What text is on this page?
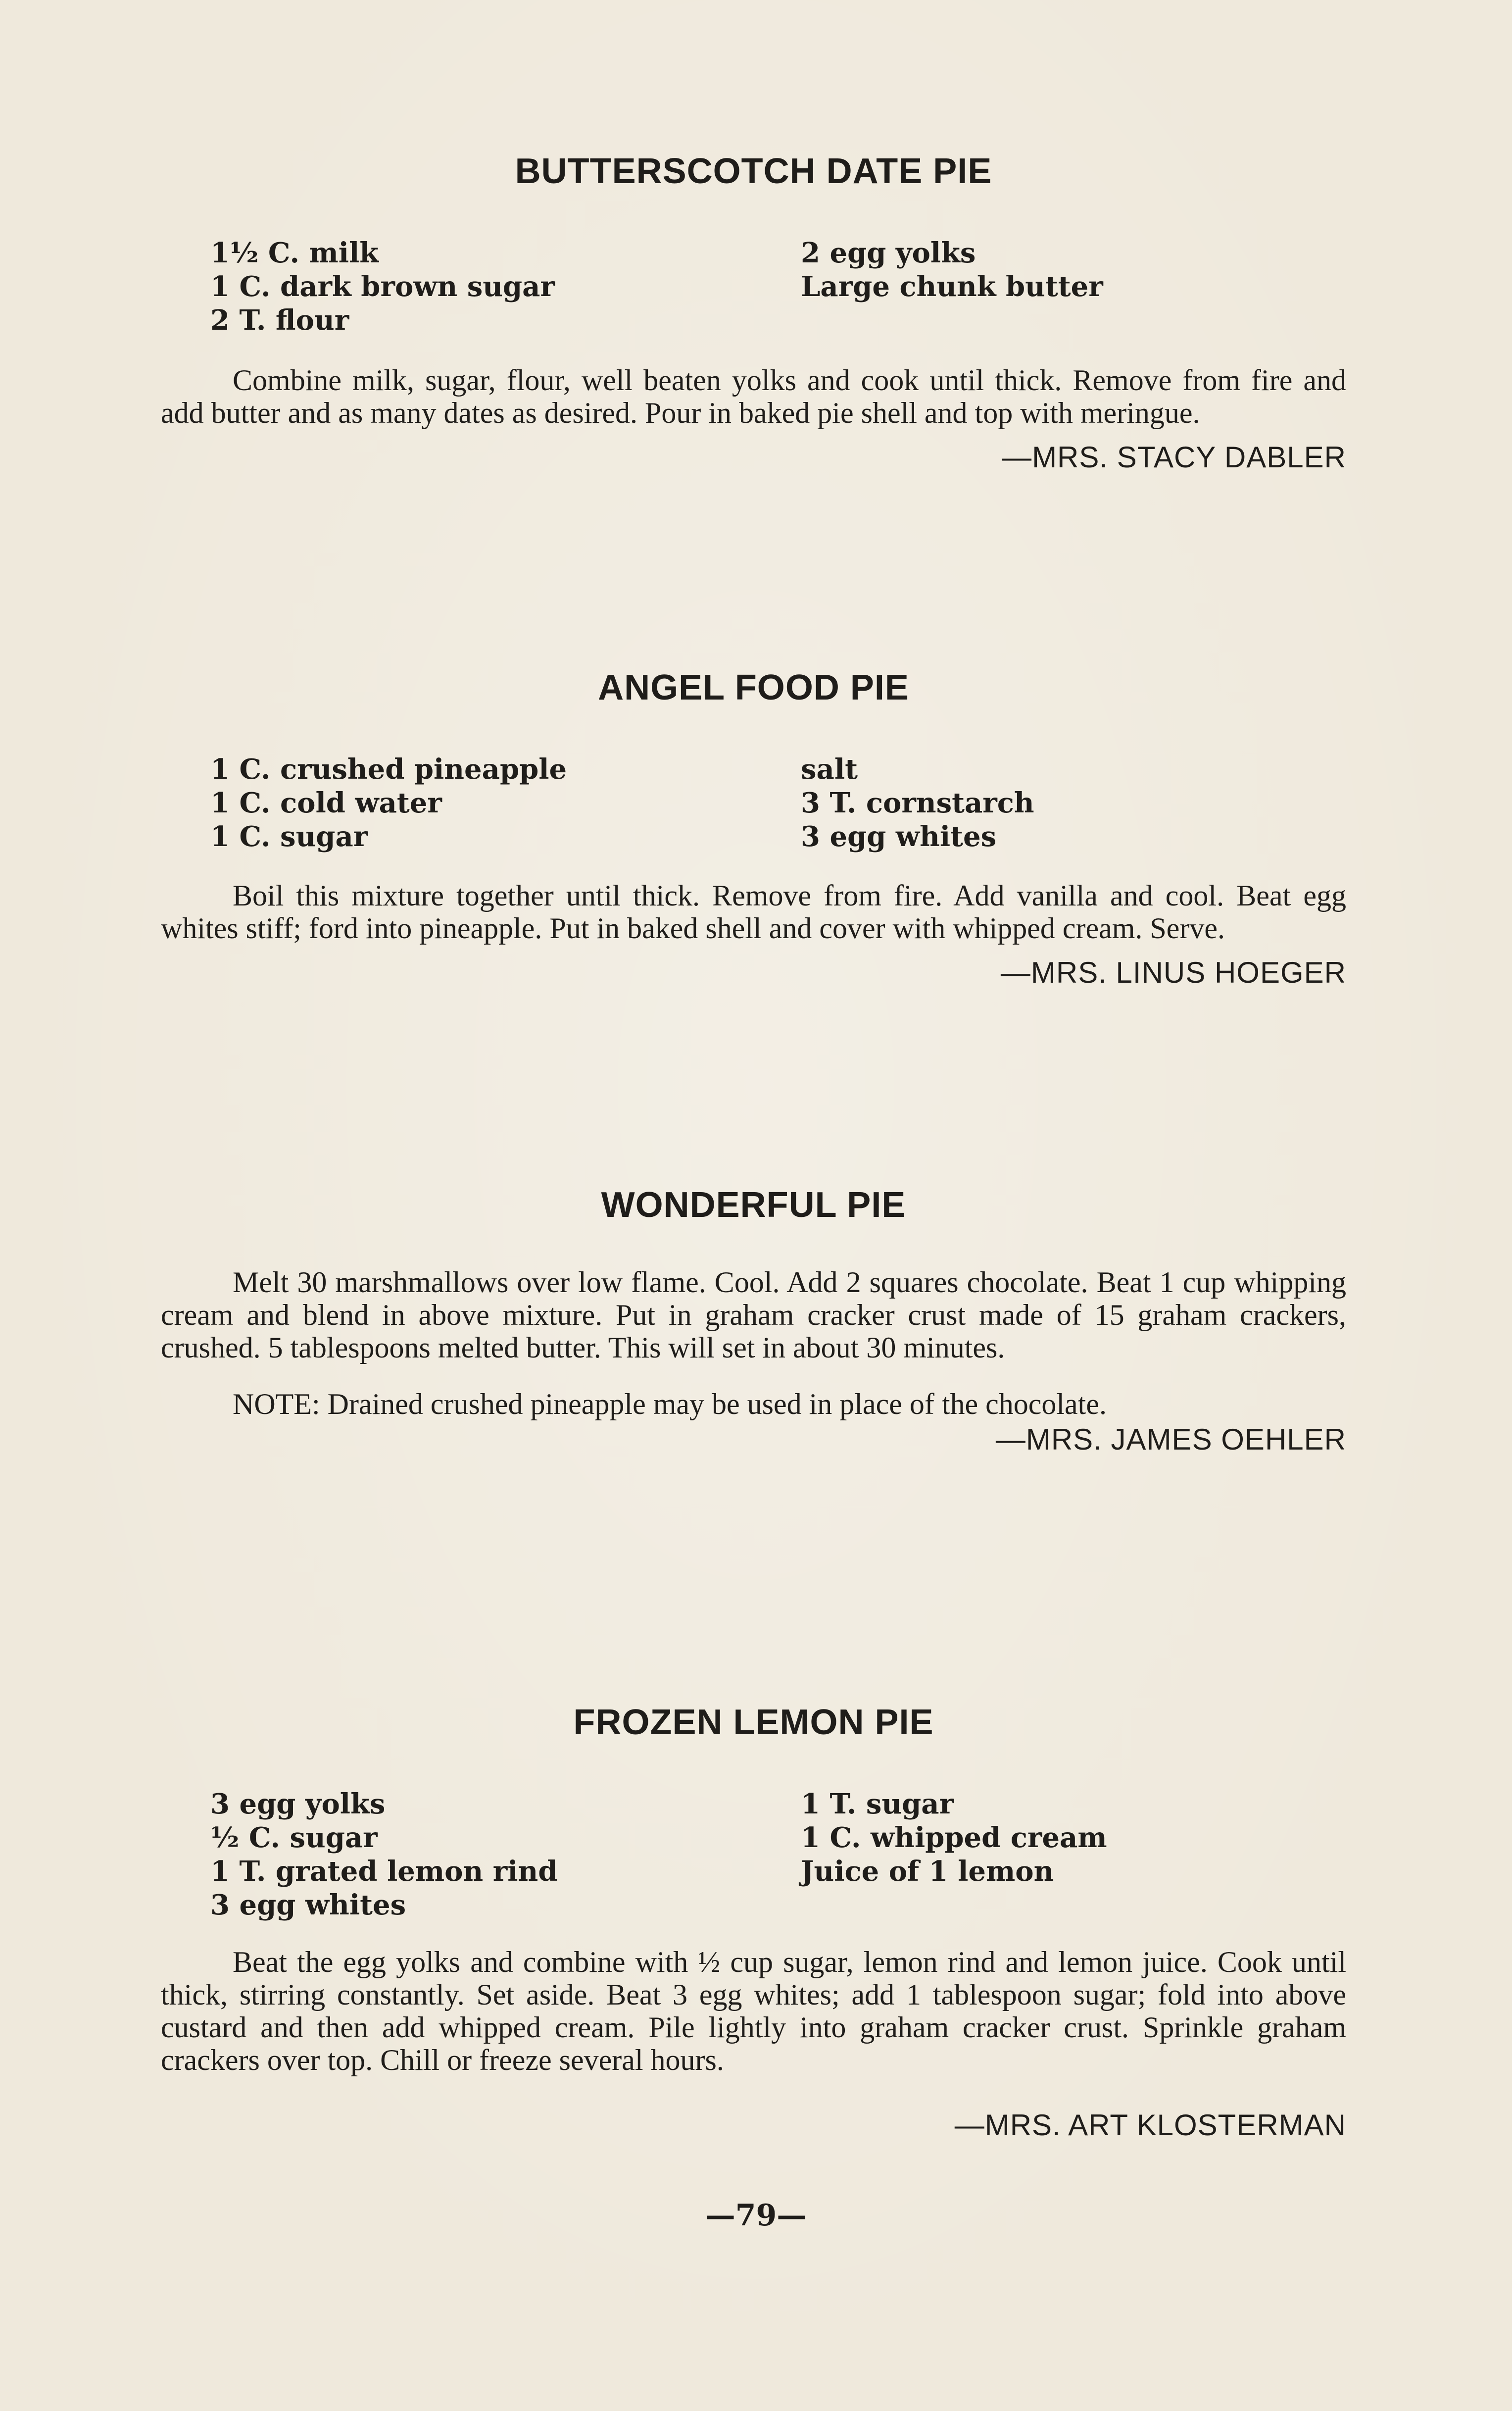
BUTTERSCOTCH DATE PIE
1½ C. milk
1 C. dark brown sugar
2 T. flour
2 egg yolks
Large chunk butter

Combine milk, sugar, flour, well beaten yolks and cook until thick. Remove from fire and add butter and as many dates as desired. Pour in baked pie shell and top with meringue.

—MRS. STACY DABLER

ANGEL FOOD PIE
1 C. crushed pineapple
1 C. cold water
1 C. sugar
salt
3 T. cornstarch
3 egg whites

Boil this mixture together until thick. Remove from fire. Add vanilla and cool. Beat egg whites stiff; ford into pineapple. Put in baked shell and cover with whipped cream. Serve.

—MRS. LINUS HOEGER

WONDERFUL PIE

Melt 30 marshmallows over low flame. Cool. Add 2 squares chocolate. Beat 1 cup whipping cream and blend in above mixture. Put in graham cracker crust made of 15 graham crackers, crushed. 5 tablespoons melted butter. This will set in about 30 minutes.

NOTE: Drained crushed pineapple may be used in place of the chocolate.

—MRS. JAMES OEHLER

FROZEN LEMON PIE
3 egg yolks
½ C. sugar
1 T. grated lemon rind
3 egg whites
1 T. sugar
1 C. whipped cream
Juice of 1 lemon

Beat the egg yolks and combine with ½ cup sugar, lemon rind and lemon juice. Cook until thick, stirring constantly. Set aside. Beat 3 egg whites; add 1 tablespoon sugar; fold into above custard and then add whipped cream. Pile lightly into graham cracker crust. Sprinkle graham crackers over top. Chill or freeze several hours.

—MRS. ART KLOSTERMAN

—79—
